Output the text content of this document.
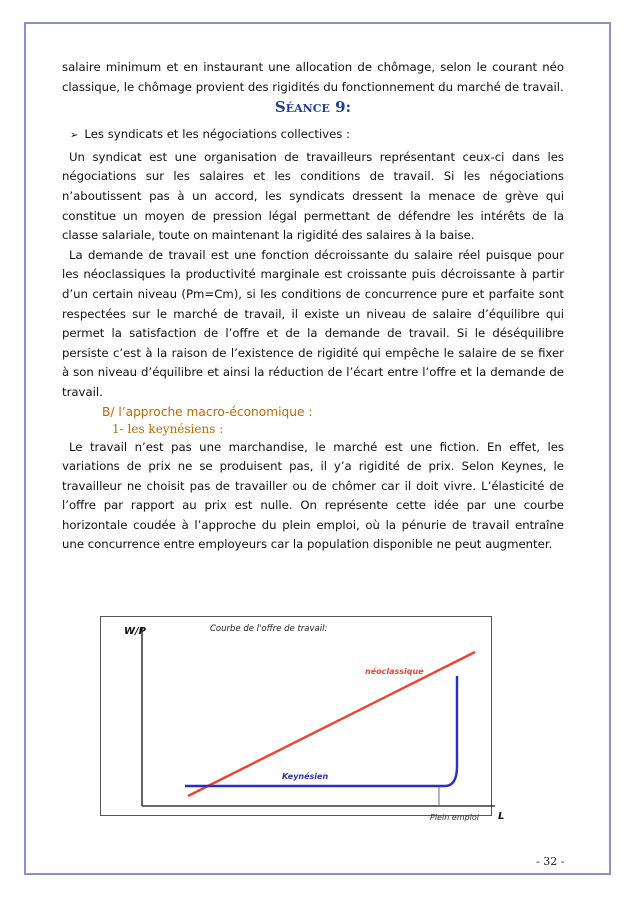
salaire minimum et en instaurant une allocation de chômage, selon le courant néo classique, le chômage provient des rigidités du fonctionnement du marché de travail.

Séance 9:

➢ Les syndicats et les négociations collectives :

Un syndicat est une organisation de travailleurs représentant ceux-ci dans les négociations sur les salaires et les conditions de travail. Si les négociations n’aboutissent pas à un accord, les syndicats dressent la menace de grève qui constitue un moyen de pression légal permettant de défendre les intérêts de la classe salariale, toute on maintenant la rigidité des salaires à la baise.

La demande de travail est une fonction décroissante du salaire réel puisque pour les néoclassiques la productivité marginale est croissante puis décroissante à partir d’un certain niveau (Pm=Cm), si les conditions de concurrence pure et parfaite sont respectées sur le marché de travail, il existe un niveau de salaire d’équilibre qui permet la satisfaction de l’offre et de la demande de travail. Si le déséquilibre persiste c’est à la raison de l’existence de rigidité qui empêche le salaire de se fixer à son niveau d’équilibre et ainsi la réduction de l’écart entre l’offre et la demande de travail.

B/ l’approche macro-économique :

1- les keynésiens :

Le travail n’est pas une marchandise, le marché est une fiction. En effet, les variations de prix ne se produisent pas, il y’a rigidité de prix. Selon Keynes, le travailleur ne choisit pas de travailler ou de chômer car il doit vivre. L’élasticité de l’offre par rapport au prix est nulle. On représente cette idée par une courbe horizontale coudée à l’approche du plein emploi, où la pénurie de travail entraîne une concurrence entre employeurs car la population disponible ne peut augmenter.

W/P	Courbe de l'offre de travail:
L
néoclassique
Keynésien
Plein emploi
- 32 -
